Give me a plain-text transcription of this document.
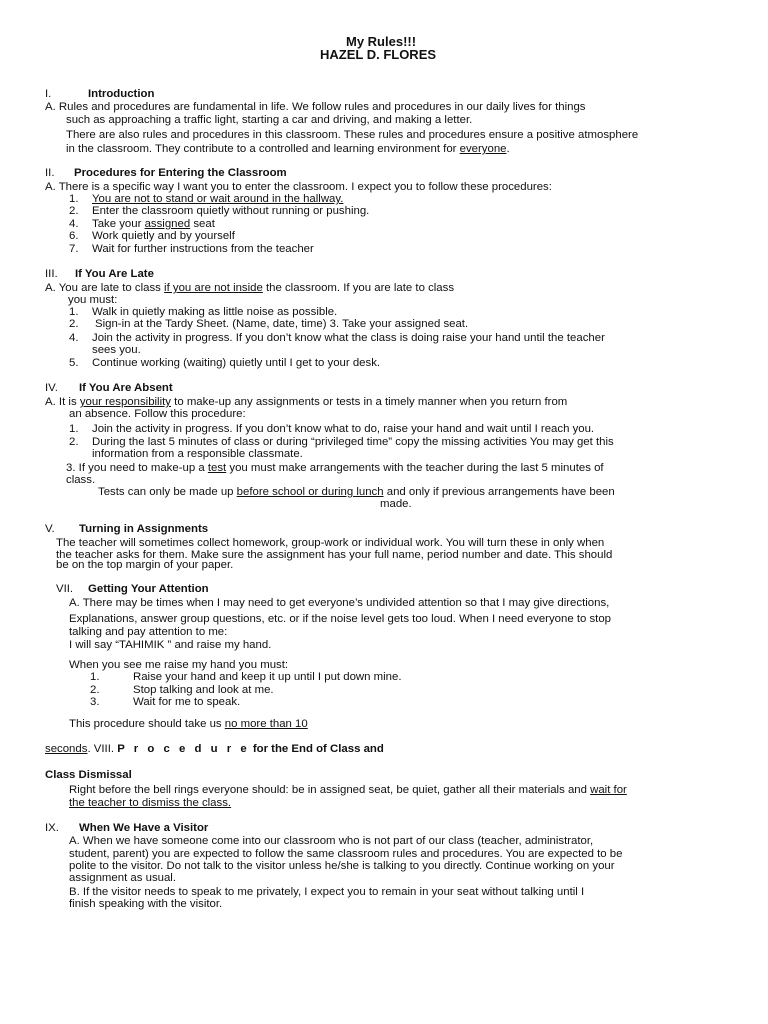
My Rules!!!
HAZEL D. FLORES
I.	Introduction
A. Rules and procedures are fundamental in life. We follow rules and procedures in our daily lives for things
such as approaching a traffic light, starting a car and driving, and making a letter.
There are also rules and procedures in this classroom. These rules and procedures ensure a positive atmosphere
in the classroom. They contribute to a controlled and learning environment for everyone.
II. Procedures for Entering the Classroom
A. There is a specific way I want you to enter the classroom. I expect you to follow these procedures:
1. You are not to stand or wait around in the hallway.
2. Enter the classroom quietly without running or pushing.
4. Take your assigned seat
6. Work quietly and by yourself
7. Wait for further instructions from the teacher
III. If You Are Late
A. You are late to class if you are not inside the classroom. If you are late to class
you must:
1. Walk in quietly making as little noise as possible.
2. Sign-in at the Tardy Sheet. (Name, date, time) 3. Take your assigned seat.
4. Join the activity in progress. If you don’t know what the class is doing raise your hand until the teacher
sees you.
5. Continue working (waiting) quietly until I get to your desk.
IV. If You Are Absent
A. It is your responsibility to make-up any assignments or tests in a timely manner when you return from
an absence. Follow this procedure:
1. Join the activity in progress. If you don’t know what to do, raise your hand and wait until I reach you.
2. During the last 5 minutes of class or during “privileged time” copy the missing activities You may get this
information from a responsible classmate.
3. If you need to make-up a test you must make arrangements with the teacher during the last 5 minutes of
class.
Tests can only be made up before school or during lunch and only if previous arrangements have been
made.
V. Turning in Assignments
The teacher will sometimes collect homework, group-work or individual work. You will turn these in only when
the teacher asks for them. Make sure the assignment has your full name, period number and date. This should
be on the top margin of your paper.
VII. Getting Your Attention
A. There may be times when I may need to get everyone’s undivided attention so that I may give directions,
Explanations, answer group questions, etc. or if the noise level gets too loud. When I need everyone to stop
talking and pay attention to me:
I will say “TAHIMIK ” and raise my hand.
When you see me raise my hand you must:
1.	Raise your hand and keep it up until I put down mine.
2.	Stop talking and look at me.
3.	Wait for me to speak.
This procedure should take us no more than 10
seconds. VIII. P r o c e d u r e for the End of Class and
Class Dismissal
Right before the bell rings everyone should: be in assigned seat, be quiet, gather all their materials and wait for
the teacher to dismiss the class.
IX. When We Have a Visitor
A. When we have someone come into our classroom who is not part of our class (teacher, administrator,
student, parent) you are expected to follow the same classroom rules and procedures. You are expected to be
polite to the visitor. Do not talk to the visitor unless he/she is talking to you directly. Continue working on your
assignment as usual.
B. If the visitor needs to speak to me privately, I expect you to remain in your seat without talking until I
finish speaking with the visitor.
